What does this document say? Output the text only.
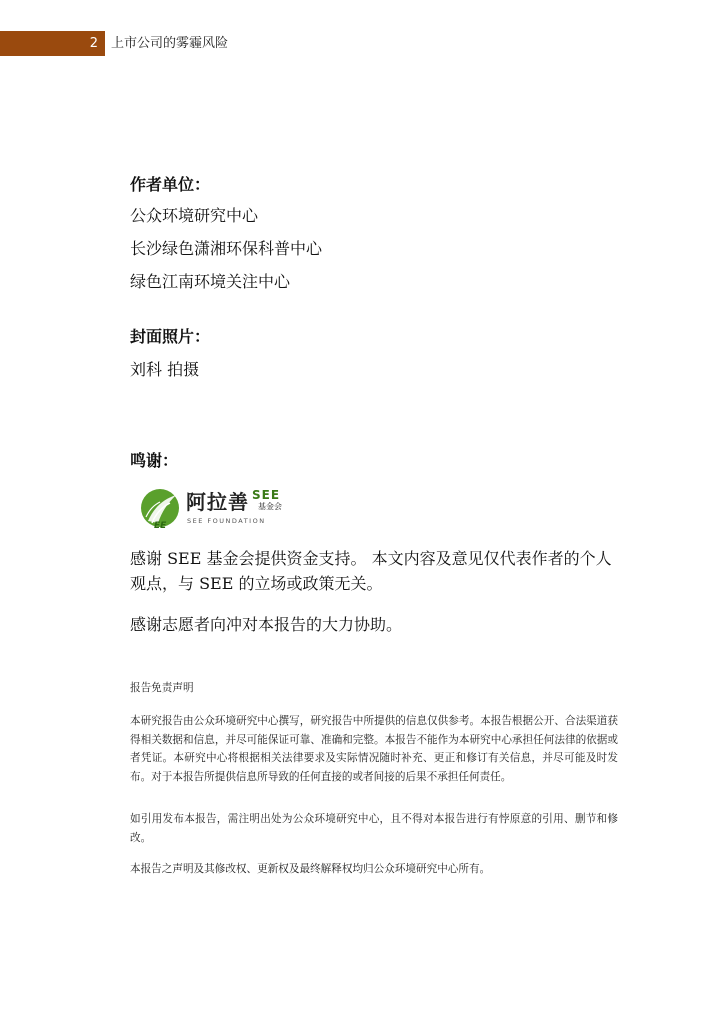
2 上市公司的雾霾风险
作者单位：
公众环境研究中心
长沙绿色潇湘环保科普中心
绿色江南环境关注中心
封面照片：
刘科 拍摄
鸣谢：
EE
阿拉善 SEE
基金会
SEE FOUNDATION
感谢 SEE 基金会提供资金支持。 本文内容及意见仅代表作者的个人观点，与 SEE 的立场或政策无关。
感谢志愿者向冲对本报告的大力协助。
报告免责声明
本研究报告由公众环境研究中心撰写，研究报告中所提供的信息仅供参考。本报告根据公开、合法渠道获得相关数据和信息，并尽可能保证可靠、准确和完整。本报告不能作为本研究中心承担任何法律的依据或者凭证。本研究中心将根据相关法律要求及实际情况随时补充、更正和修订有关信息，并尽可能及时发布。对于本报告所提供信息所导致的任何直接的或者间接的后果不承担任何责任。
如引用发布本报告，需注明出处为公众环境研究中心，且不得对本报告进行有悖原意的引用、删节和修改。
本报告之声明及其修改权、更新权及最终解释权均归公众环境研究中心所有。
